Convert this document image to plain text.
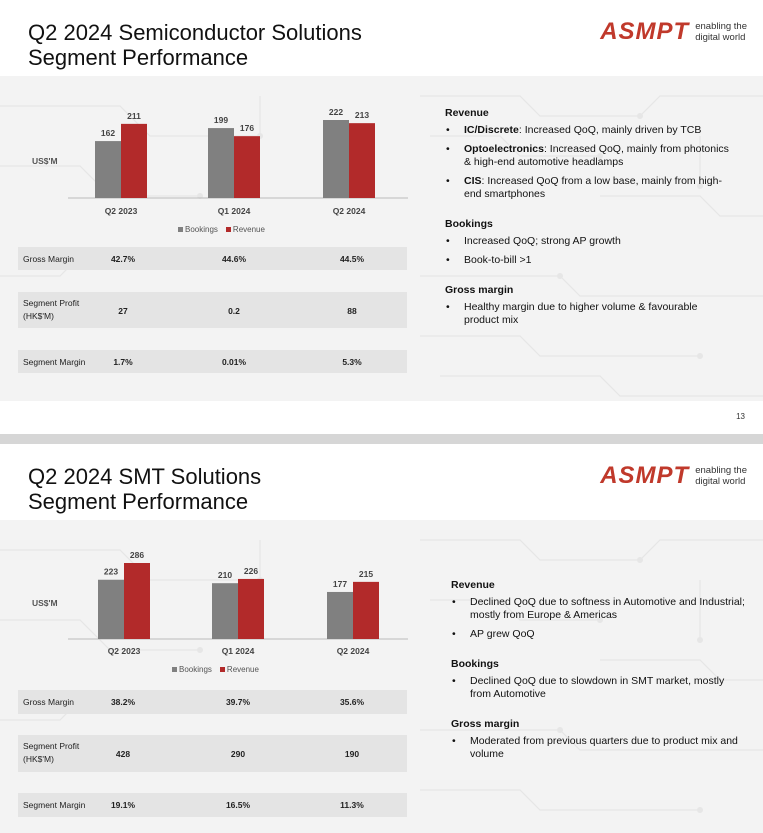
Q2 2024 Semiconductor Solutions
Segment Performance
ASMPT enabling the
digital world
162
211
Q2 2023
199
176
Q1 2024
222 213
Q2 2024
US$'M
Bookings	Revenue
Gross Margin	42.7%	44.6%	44.5%
Segment Profit
(HK$'M)	27	0.2	88
Segment Margin	1.7%	0.01%	5.3%
Revenue
• IC/Discrete: Increased QoQ, mainly driven by TCB
• Optoelectronics: Increased QoQ, mainly from photonics & high-end automotive headlamps
• CIS: Increased QoQ from a low base, mainly from high-end smartphones
Bookings
• Increased QoQ; strong AP growth
• Book-to-bill >1
Gross margin
• Healthy margin due to higher volume & favourable product mix
13
Q2 2024 SMT Solutions
Segment Performance
ASMPT enabling the
digital world
223
286
Q2 2023
210 226
Q1 2024
177
215
Q2 2024
US$'M
Bookings	Revenue
Gross Margin	38.2%	39.7%	35.6%
Segment Profit
(HK$'M)	428	290	190
Segment Margin	19.1%	16.5%	11.3%
Revenue
• Declined QoQ due to softness in Automotive and Industrial; mostly from Europe & Americas
• AP grew QoQ
Bookings
• Declined QoQ due to slowdown in SMT market, mostly from Automotive
Gross margin
• Moderated from previous quarters due to product mix and volume
